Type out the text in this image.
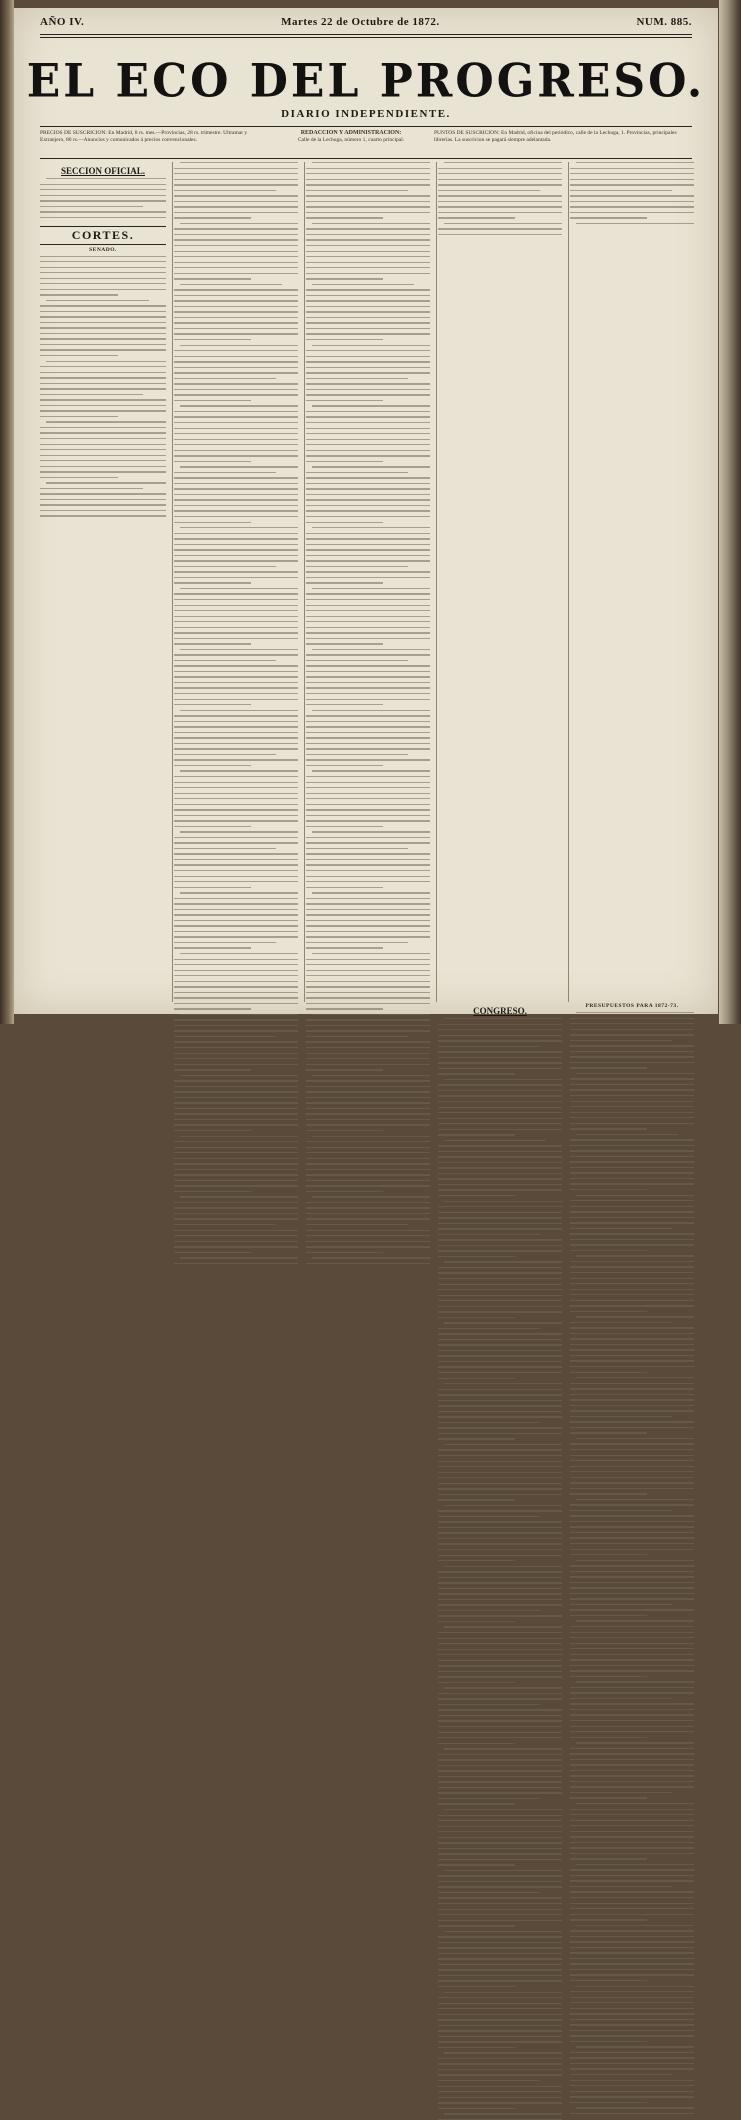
AÑO IV.	Martes 22 de Octubre de 1872.	NUM. 885.
EL ECO DEL PROGRESO.
DIARIO INDEPENDIENTE.
PRECIOS DE SUSCRICION: En Madrid, 8 rs. mes.—Provincias, 28 rs. trimestre. Ultramar y Extranjero, 80 rs.—Anuncios y comunicados á precios convencionales.
REDACCION Y ADMINISTRACION:
Calle de la Lechuga, número 1, cuarto principal.
PUNTOS DE SUSCRICION: En Madrid, oficina del periódico, calle de la Lechuga, 1. Provincias, principales librerías. La suscricion se pagará siempre adelantada.
SECCION OFICIAL.
CONGRESO.	PRESUPUESTOS PARA 1872-73.
CORTES.
SENADO.
